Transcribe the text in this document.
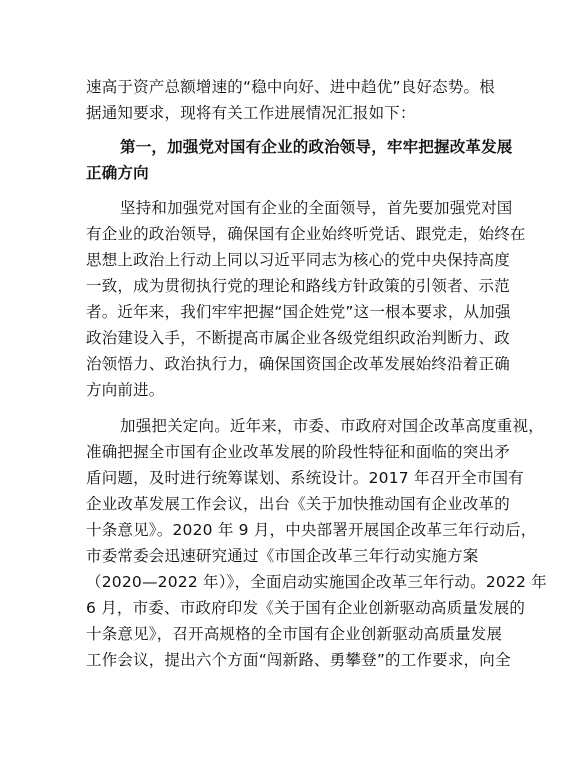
速高于资产总额增速的“稳中向好、进中趋优”良好态势。根
据通知要求，现将有关工作进展情况汇报如下：
第一，加强党对国有企业的政治领导，牢牢把握改革发展
正确方向
坚持和加强党对国有企业的全面领导，首先要加强党对国
有企业的政治领导，确保国有企业始终听党话、跟党走，始终在
思想上政治上行动上同以习近平同志为核心的党中央保持高度
一致，成为贯彻执行党的理论和路线方针政策的引领者、示范
者。近年来，我们牢牢把握“国企姓党”这一根本要求，从加强
政治建设入手，不断提高市属企业各级党组织政治判断力、政
治领悟力、政治执行力，确保国资国企改革发展始终沿着正确
方向前进。
加强把关定向。近年来，市委、市政府对国企改革高度重视，
准确把握全市国有企业改革发展的阶段性特征和面临的突出矛
盾问题，及时进行统筹谋划、系统设计。2017 年召开全市国有
企业改革发展工作会议，出台《关于加快推动国有企业改革的
十条意见》。2020 年 9 月，中央部署开展国企改革三年行动后，
市委常委会迅速研究通过《市国企改革三年行动实施方案
（2020—2022 年）》，全面启动实施国企改革三年行动。2022 年
6 月，市委、市政府印发《关于国有企业创新驱动高质量发展的
十条意见》，召开高规格的全市国有企业创新驱动高质量发展
工作会议，提出六个方面“闯新路、勇攀登”的工作要求，向全
